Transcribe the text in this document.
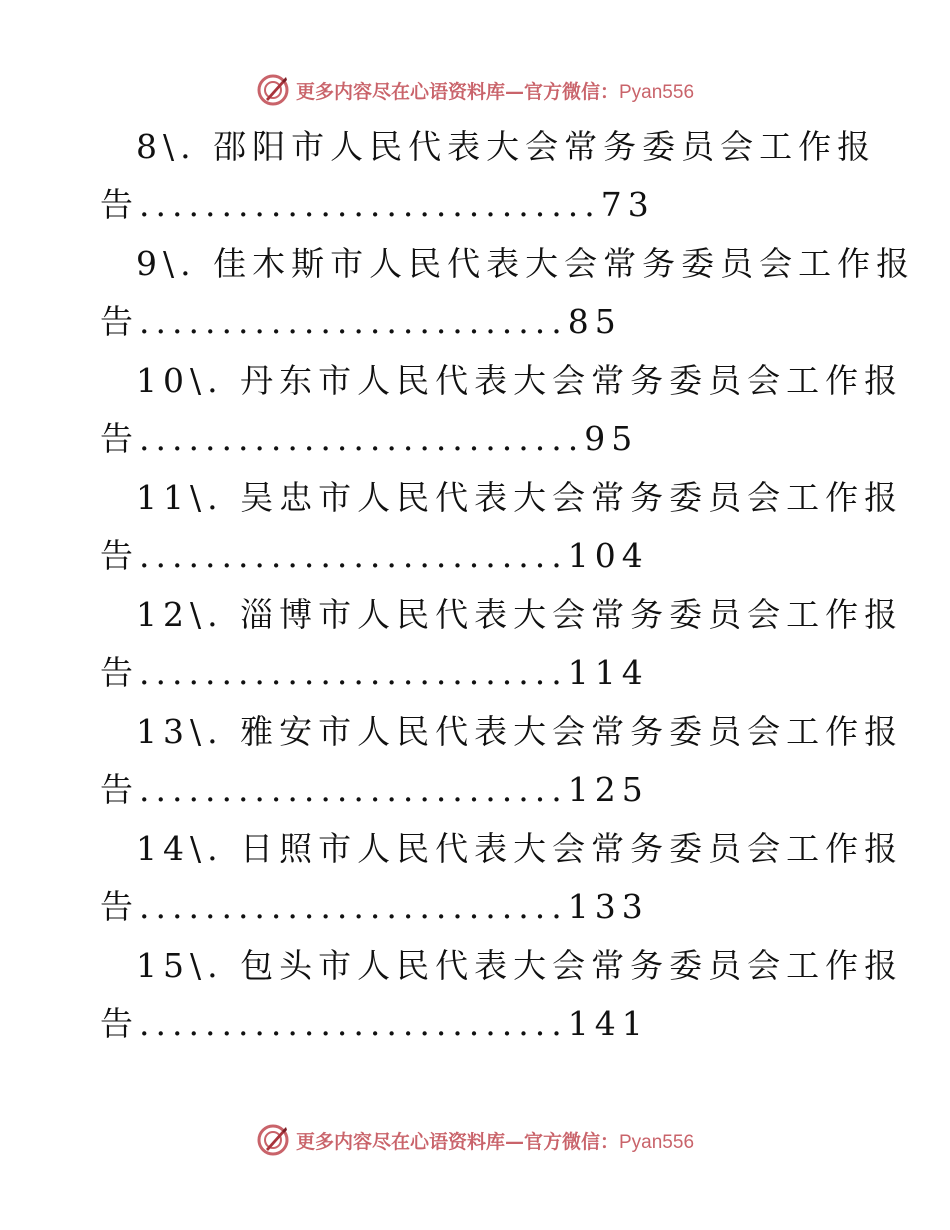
更多内容尽在心语资料库—官方微信：Pyan556
8\. 邵阳市人民代表大会常务委员会工作报
告............................73
9\. 佳木斯市人民代表大会常务委员会工作报
告..........................85
10\. 丹东市人民代表大会常务委员会工作报
告...........................95
11\. 吴忠市人民代表大会常务委员会工作报
告..........................104
12\. 淄博市人民代表大会常务委员会工作报
告..........................114
13\. 雅安市人民代表大会常务委员会工作报
告..........................125
14\. 日照市人民代表大会常务委员会工作报
告..........................133
15\. 包头市人民代表大会常务委员会工作报
告..........................141
更多内容尽在心语资料库—官方微信：Pyan556
